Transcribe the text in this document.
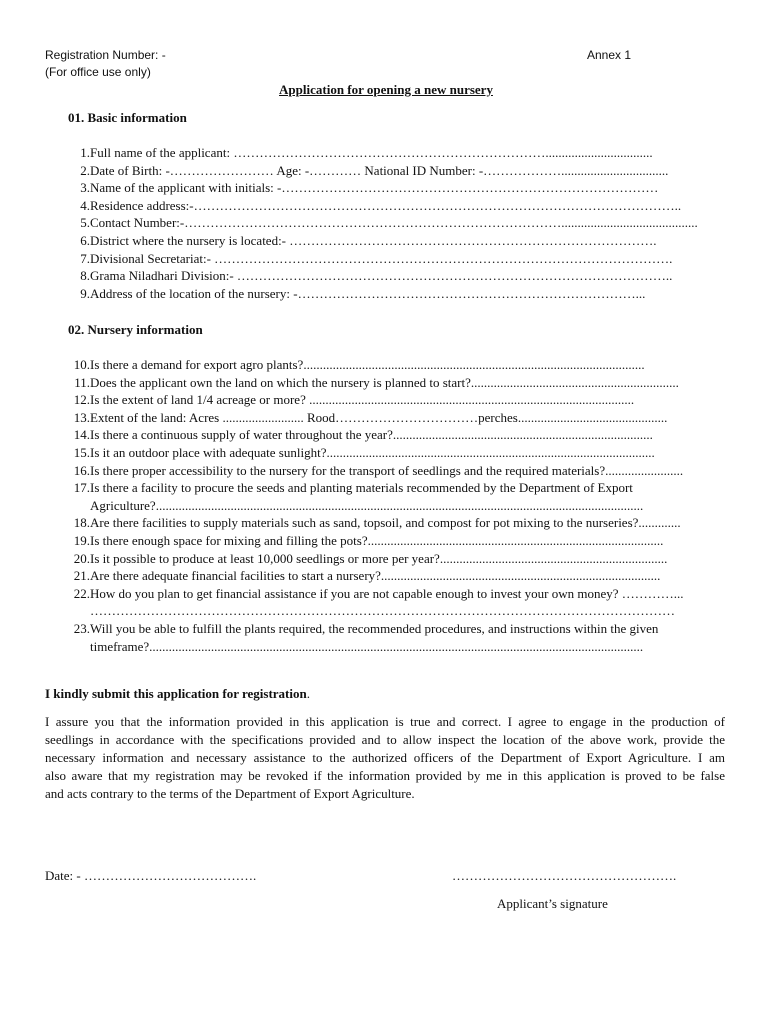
Registration Number: -
(For office use only)
Annex 1
Application for opening a new nursery
01. Basic information
1. Full name of the applicant: ……………………………………………………………….................................
2. Date of Birth: -…………………… Age: -………… National ID Number: -……………….................................
3. Name of the applicant with initials: -……………………………………………………………………………
4. Residence address:-…………………………………………………………………………………………………..
5. Contact Number:-……………………………………………………………………………..........................................
6. District where the nursery is located:- ………………………………………………………………………….
7. Divisional Secretariat:- …………………………………………………………………………………………….
8. Grama Niladhari Division:- ………………………………………………………………………………………..
9. Address of the location of the nursery: -……………………………………………………………………...
02. Nursery information
10. Is there a demand for export agro plants?.........................................................................................................
11. Does the applicant own the land on which the nursery is planned to start?................................................................
12. Is the extent of land 1/4 acreage or more? ....................................................................................................
13. Extent of the land: Acres ......................... Rood……………………………perches..............................................
14. Is there a continuous supply of water throughout the year?................................................................................
15. Is it an outdoor place with adequate sunlight?.....................................................................................................
16. Is there proper accessibility to the nursery for the transport of seedlings and the required materials?........................
17. Is there a facility to procure the seeds and planting materials recommended by the Department of Export
Agriculture?......................................................................................................................................................
18. Are there facilities to supply materials such as sand, topsoil, and compost for pot mixing to the nurseries?.............
19. Is there enough space for mixing and filling the pots?...........................................................................................
20. Is it possible to produce at least 10,000 seedlings or more per year?......................................................................
21. Are there adequate financial facilities to start a nursery?......................................................................................
22. How do you plan to get financial assistance if you are not capable enough to invest your own money? …………...
………………………………………………………………………………………………………………………
23. Will you be able to fulfill the plants required, the recommended procedures, and instructions within the given
timeframe?........................................................................................................................................................
I kindly submit this application for registration.
I assure you that the information provided in this application is true and correct. I agree to engage in the production of
seedlings in accordance with the specifications provided and to allow inspect the location of the above work, provide the
necessary information and necessary assistance to the authorized officers of the Department of Export Agriculture. I am
also aware that my registration may be revoked if the information provided by me in this application is proved to be false
and acts contrary to the terms of the Department of Export Agriculture.
Date: - ………………………………….	…………………………………………….
Applicant’s signature
